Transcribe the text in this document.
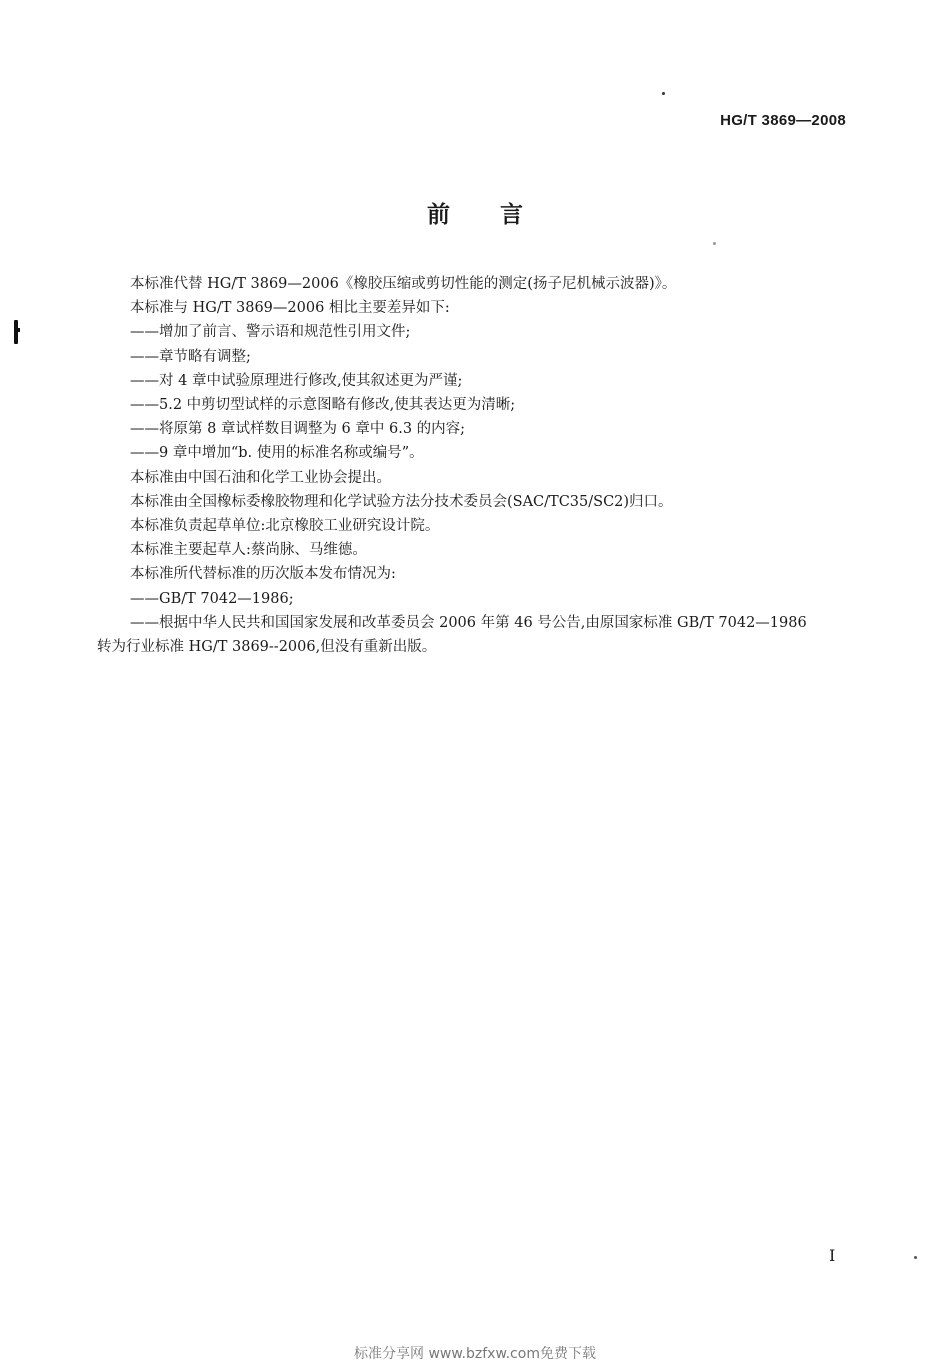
HG/T 3869—2008
前言

本标准代替 HG/T 3869—2006《橡胶压缩或剪切性能的测定(扬子尼机械示波器)》。

本标准与 HG/T 3869—2006 相比主要差异如下:

——增加了前言、警示语和规范性引用文件;

——章节略有调整;

——对 4 章中试验原理进行修改,使其叙述更为严谨;

——5.2 中剪切型试样的示意图略有修改,使其表达更为清晰;

——将原第 8 章试样数目调整为 6 章中 6.3 的内容;

——9 章中增加“b. 使用的标准名称或编号”。

本标准由中国石油和化学工业协会提出。

本标准由全国橡标委橡胶物理和化学试验方法分技术委员会(SAC/TC35/SC2)归口。

本标准负责起草单位:北京橡胶工业研究设计院。

本标准主要起草人:蔡尚脉、马维德。

本标准所代替标准的历次版本发布情况为:

——GB/T 7042—1986;

——根据中华人民共和国国家发展和改革委员会 2006 年第 46 号公告,由原国家标准 GB/T 7042—1986

转为行业标准 HG/T 3869--2006,但没有重新出版。

I
标准分享网 www.bzfxw.com免费下载
